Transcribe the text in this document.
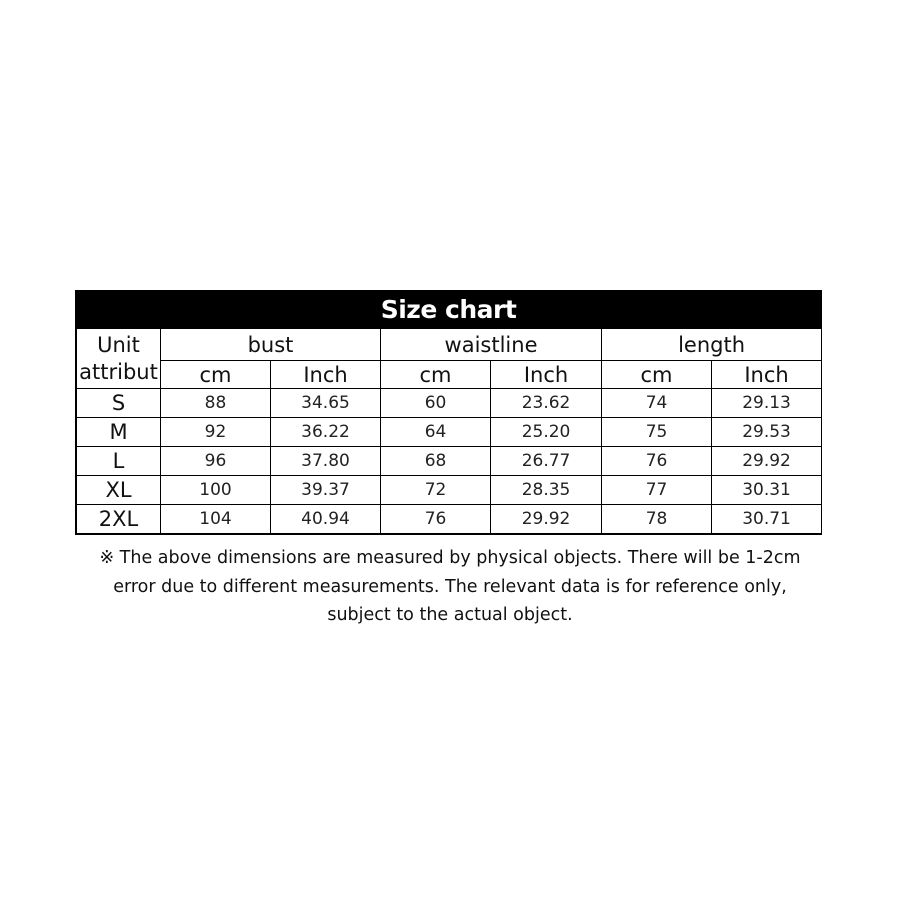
Size chart
Unit
attribut	bust		waistline		length	
	cm	Inch	cm	Inch	cm	Inch
S	88	34.65	60	23.62	74	29.13
M	92	36.22	64	25.20	75	29.53
L	96	37.80	68	26.77	76	29.92
XL	100	39.37	72	28.35	77	30.31
2XL	104	40.94	76	29.92	78	30.71
※ The above dimensions are measured by physical objects. There will be 1-2cm
error due to different measurements. The relevant data is for reference only,
subject to the actual object.
